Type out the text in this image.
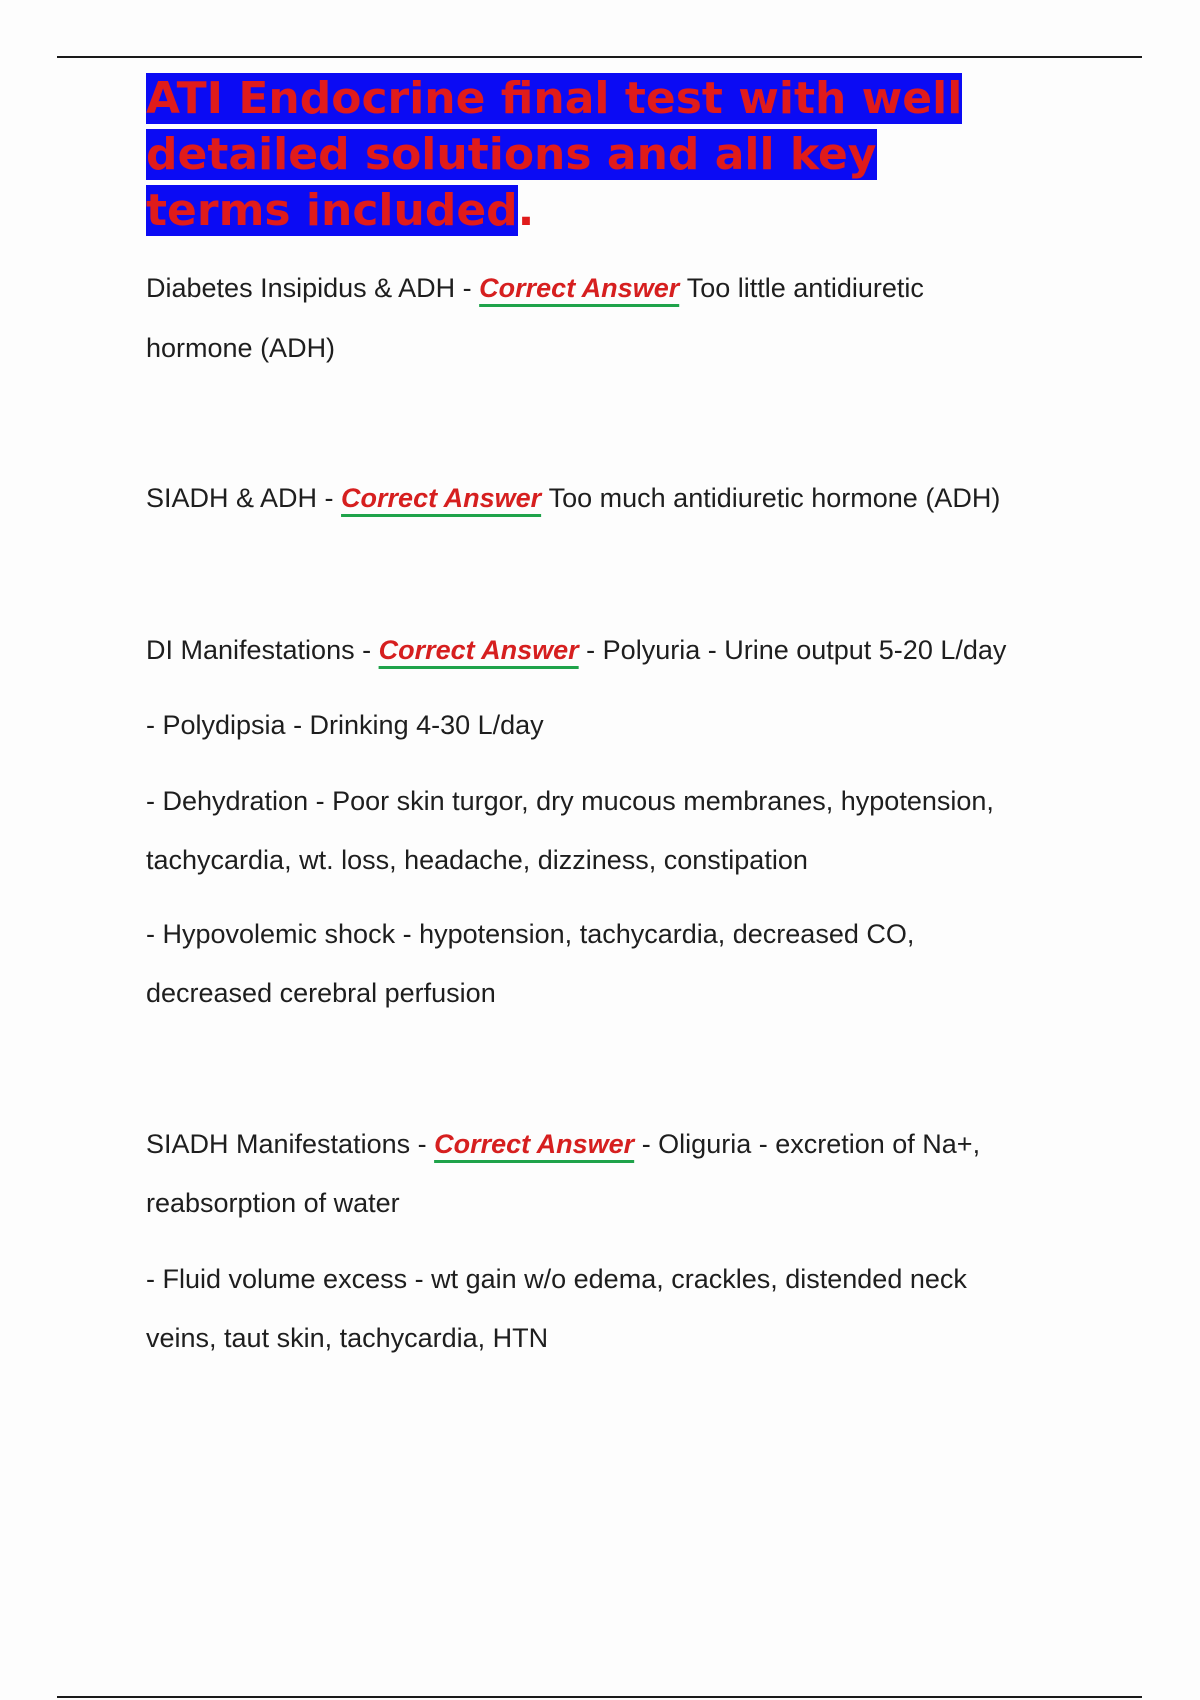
ATI Endocrine final test with well
detailed solutions and all key
terms included.

Diabetes Insipidus & ADH - Correct Answer Too little antidiuretic

hormone (ADH)

SIADH & ADH - Correct Answer Too much antidiuretic hormone (ADH)

DI Manifestations - Correct Answer - Polyuria - Urine output 5-20 L/day

- Polydipsia - Drinking 4-30 L/day

- Dehydration - Poor skin turgor, dry mucous membranes, hypotension,

tachycardia, wt. loss, headache, dizziness, constipation

- Hypovolemic shock - hypotension, tachycardia, decreased CO,

decreased cerebral perfusion

SIADH Manifestations - Correct Answer - Oliguria - excretion of Na+,

reabsorption of water

- Fluid volume excess - wt gain w/o edema, crackles, distended neck

veins, taut skin, tachycardia, HTN
